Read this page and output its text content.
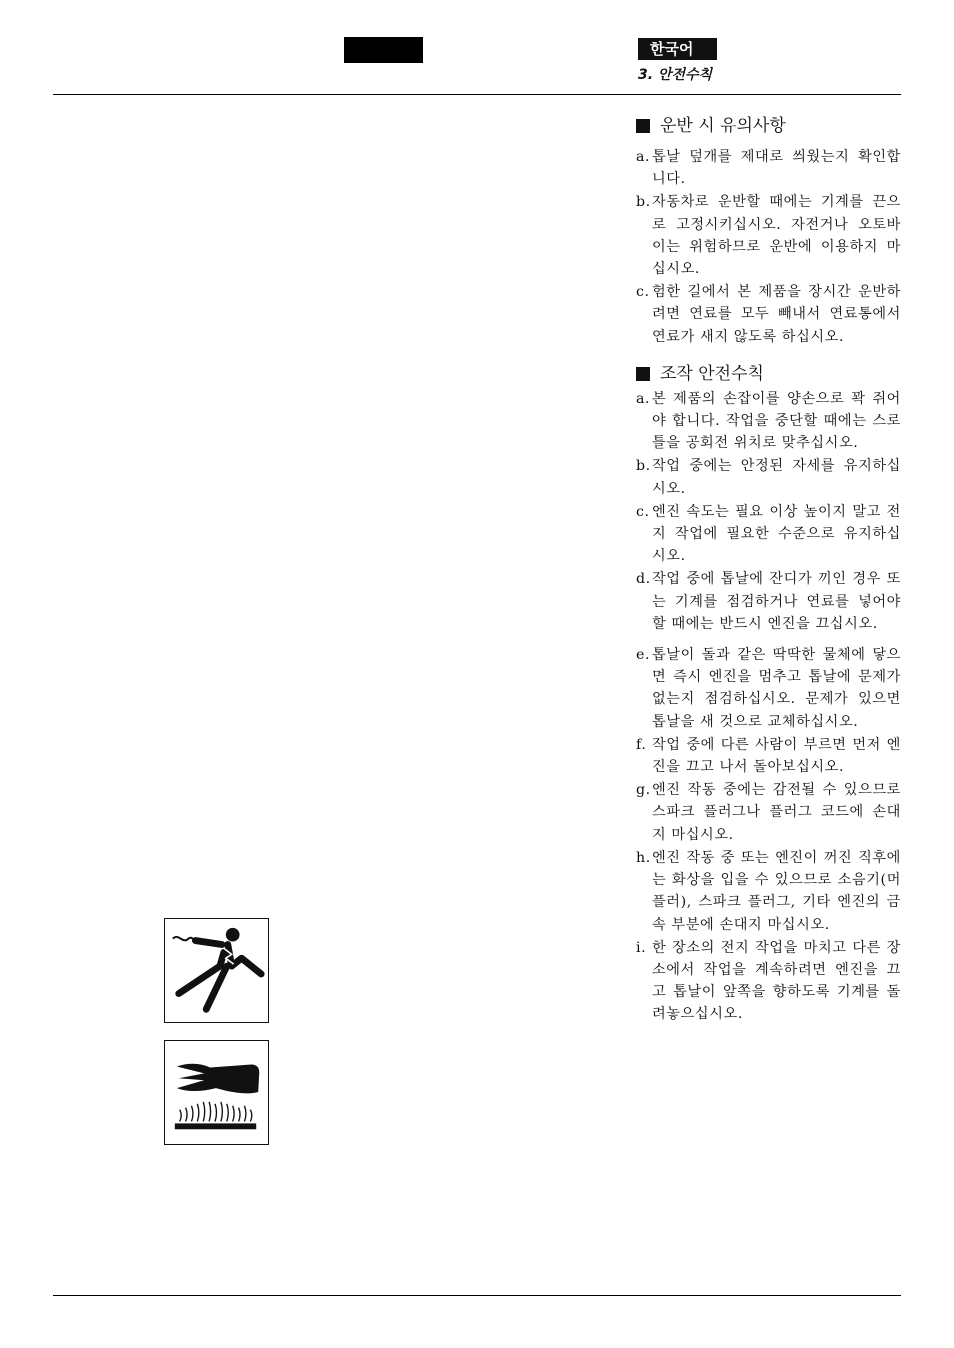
한국어
3. 안전수칙
운반 시 유의사항
a. 톱날 덮개를 제대로 씌웠는지 확인합니다.
b. 자동차로 운반할 때에는 기계를 끈으로 고정시키십시오. 자전거나 오토바이는 위험하므로 운반에 이용하지 마십시오.
c. 험한 길에서 본 제품을 장시간 운반하려면 연료를 모두 빼내서 연료통에서 연료가 새지 않도록 하십시오.
조작 안전수칙
a. 본 제품의 손잡이를 양손으로 꽉 쥐어야 합니다. 작업을 중단할 때에는 스로틀을 공회전 위치로 맞추십시오.
b. 작업 중에는 안정된 자세를 유지하십시오.
c. 엔진 속도는 필요 이상 높이지 말고 전지 작업에 필요한 수준으로 유지하십시오.
d. 작업 중에 톱날에 잔디가 끼인 경우 또는 기계를 점검하거나 연료를 넣어야 할 때에는 반드시 엔진을 끄십시오.
e. 톱날이 돌과 같은 딱딱한 물체에 닿으면 즉시 엔진을 멈추고 톱날에 문제가 없는지 점검하십시오. 문제가 있으면 톱날을 새 것으로 교체하십시오.
f. 작업 중에 다른 사람이 부르면 먼저 엔진을 끄고 나서 돌아보십시오.
g. 엔진 작동 중에는 감전될 수 있으므로 스파크 플러그나 플러그 코드에 손대지 마십시오.
h. 엔진 작동 중 또는 엔진이 꺼진 직후에는 화상을 입을 수 있으므로 소음기(머플러), 스파크 플러그, 기타 엔진의 금속 부분에 손대지 마십시오.
i. 한 장소의 전지 작업을 마치고 다른 장소에서 작업을 계속하려면 엔진을 끄고 톱날이 앞쪽을 향하도록 기계를 돌려놓으십시오.
